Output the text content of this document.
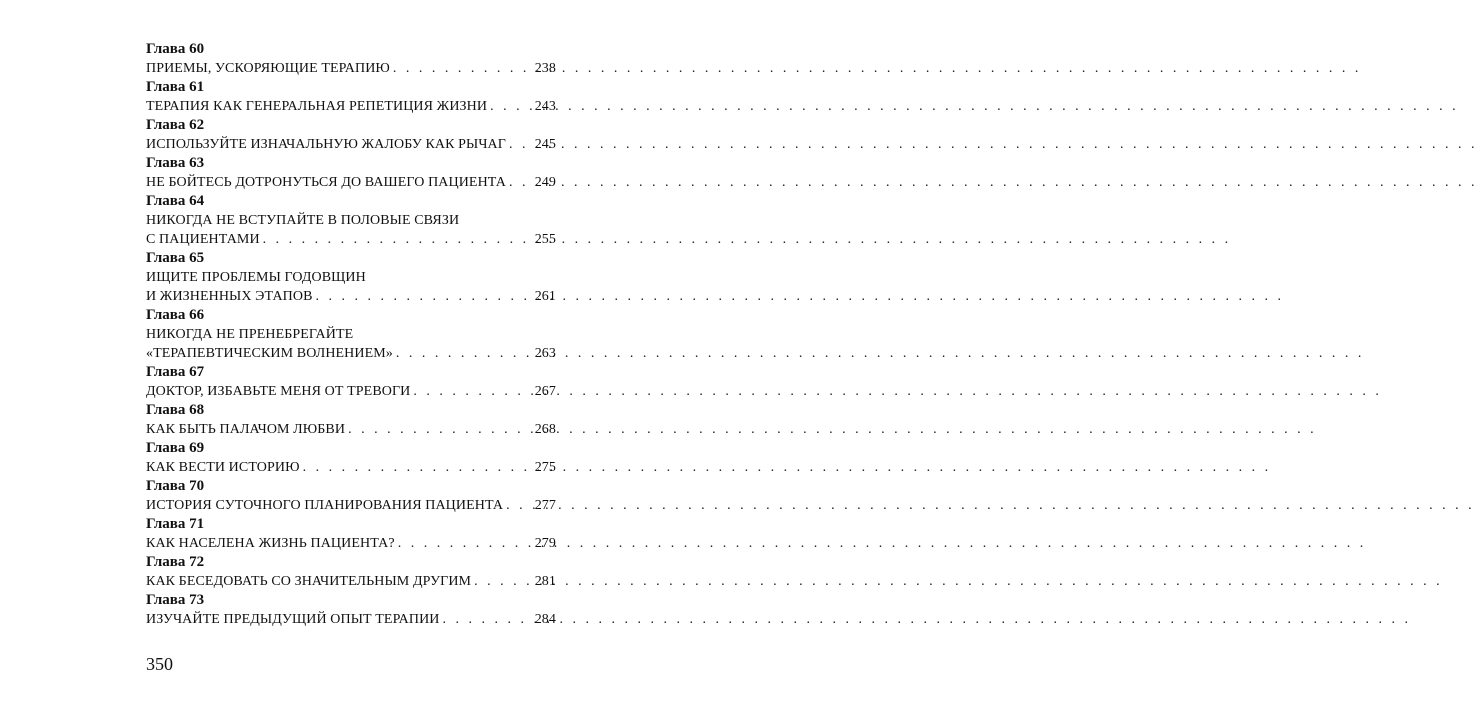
Глава 60
ПРИЕМЫ, УСКОРЯЮЩИЕ ТЕРАПИЮ . . .	238
Глава 61
ТЕРАПИЯ КАК ГЕНЕРАЛЬНАЯ РЕПЕТИЦИЯ ЖИЗНИ . . .	243
Глава 62
ИСПОЛЬЗУЙТЕ ИЗНАЧАЛЬНУЮ ЖАЛОБУ КАК РЫЧАГ . . . 245
Глава 63
НЕ БОЙТЕСЬ ДОТРОНУТЬСЯ ДО ВАШЕГО ПАЦИЕНТА . . . 249
Глава 64
НИКОГДА НЕ ВСТУПАЙТЕ В ПОЛОВЫЕ СВЯЗИ
С ПАЦИЕНТАМИ . . .	255
Глава 65
ИЩИТЕ ПРОБЛЕМЫ ГОДОВЩИН
И ЖИЗНЕННЫХ ЭТАПОВ . . .	261
Глава 66
НИКОГДА НЕ ПРЕНЕБРЕГАЙТЕ
«ТЕРАПЕВТИЧЕСКИМ ВОЛНЕНИЕМ» . . .	263
Глава 67
ДОКТОР, ИЗБАВЬТЕ МЕНЯ ОТ ТРЕВОГИ . . .	267
Глава 68
КАК БЫТЬ ПАЛАЧОМ ЛЮБВИ . . .	268
Глава 69
КАК ВЕСТИ ИСТОРИЮ . . .	275
Глава 70
ИСТОРИЯ СУТОЧНОГО ПЛАНИРОВАНИЯ ПАЦИЕНТА . . . 277
Глава 71
КАК НАСЕЛЕНА ЖИЗНЬ ПАЦИЕНТА? . . .	279
Глава 72
КАК БЕСЕДОВАТЬ СО ЗНАЧИТЕЛЬНЫМ ДРУГИМ . . .	281
Глава 73
ИЗУЧАЙТЕ ПРЕДЫДУЩИЙ ОПЫТ ТЕРАПИИ . . .	284
350
